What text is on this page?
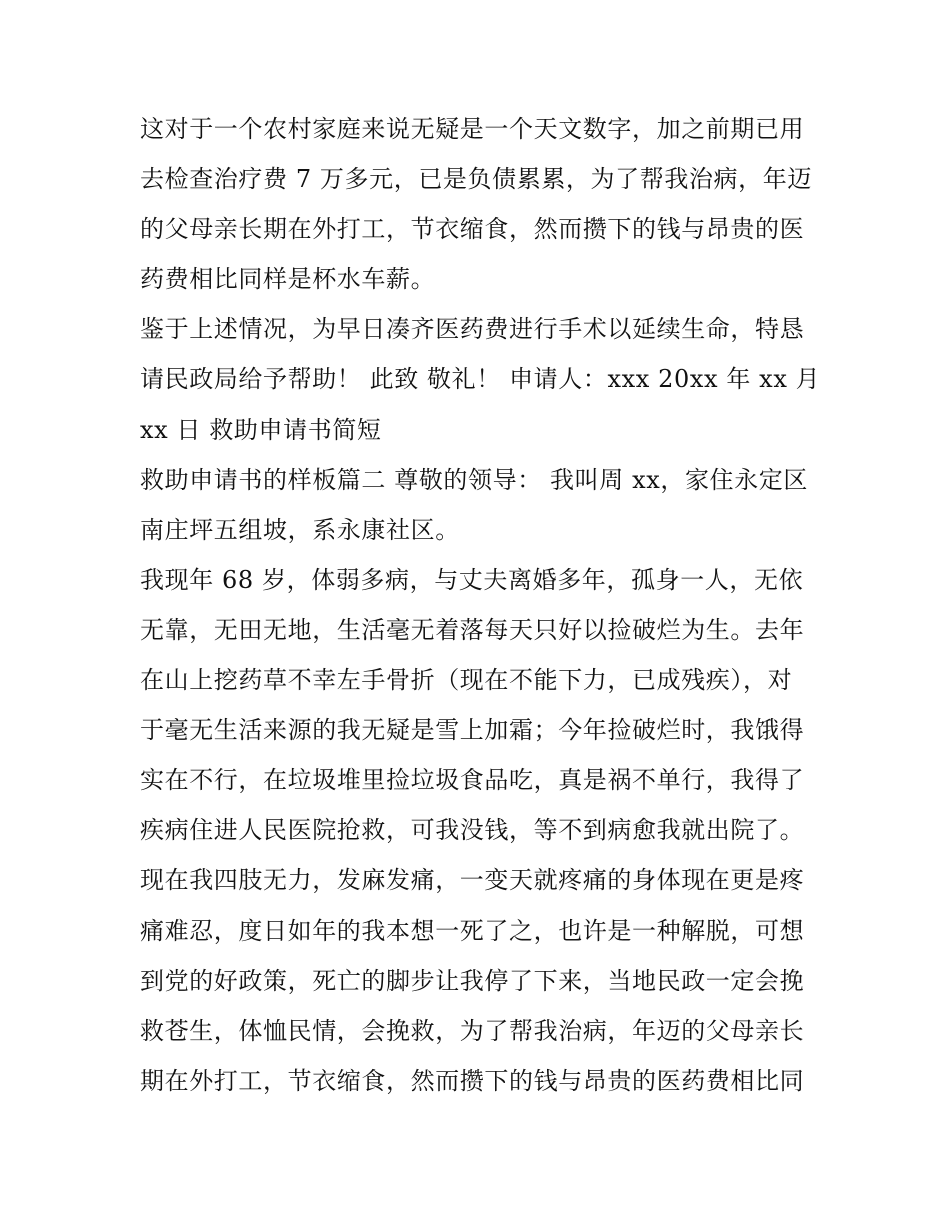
这对于一个农村家庭来说无疑是一个天文数字，加之前期已用
去检查治疗费 7 万多元，已是负债累累，为了帮我治病，年迈
的父母亲长期在外打工，节衣缩食，然而攒下的钱与昂贵的医
药费相比同样是杯水车薪。
鉴于上述情况，为早日凑齐医药费进行手术以延续生命，特恳
请民政局给予帮助！ 此致 敬礼！ 申请人：xxx 20xx 年 xx 月
xx 日 救助申请书简短
救助申请书的样板篇二 尊敬的领导： 我叫周 xx，家住永定区
南庄坪五组坡，系永康社区。
我现年 68 岁，体弱多病，与丈夫离婚多年，孤身一人，无依
无靠，无田无地，生活毫无着落每天只好以捡破烂为生。去年
在山上挖药草不幸左手骨折（现在不能下力，已成残疾），对
于毫无生活来源的我无疑是雪上加霜；今年捡破烂时，我饿得
实在不行，在垃圾堆里捡垃圾食品吃，真是祸不单行，我得了
疾病住进人民医院抢救，可我没钱，等不到病愈我就出院了。
现在我四肢无力，发麻发痛，一变天就疼痛的身体现在更是疼
痛难忍，度日如年的我本想一死了之，也许是一种解脱，可想
到党的好政策，死亡的脚步让我停了下来，当地民政一定会挽
救苍生，体恤民情，会挽救，为了帮我治病，年迈的父母亲长
期在外打工，节衣缩食，然而攒下的钱与昂贵的医药费相比同
